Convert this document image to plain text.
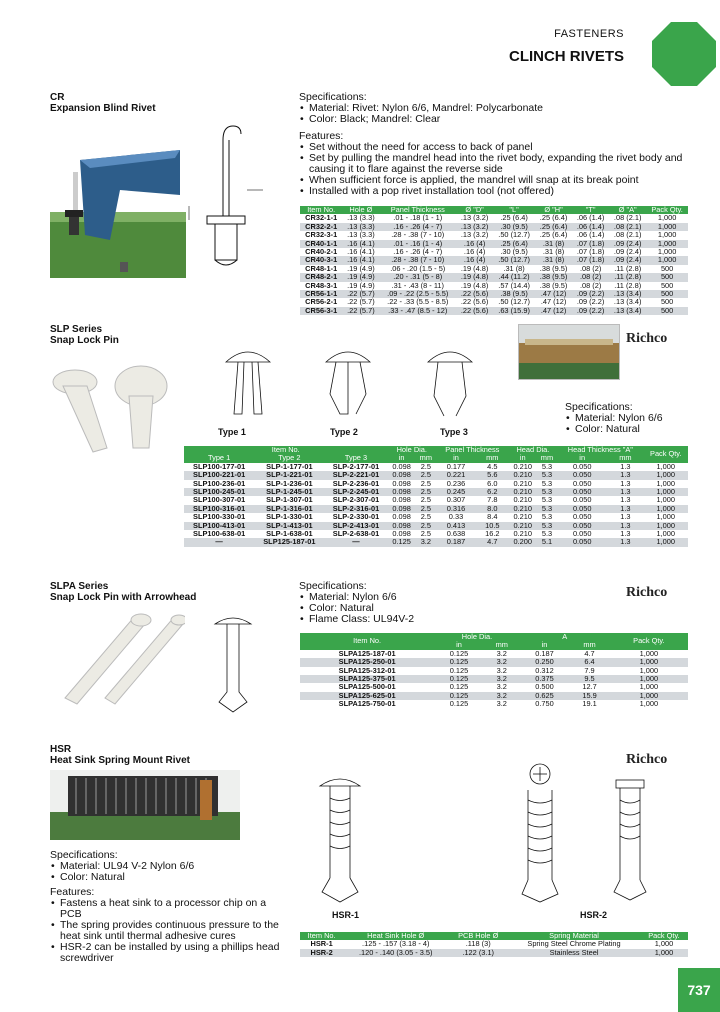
FASTENERS
CLINCH RIVETS
CR
Expansion Blind Rivet
Specifications:
• Material: Rivet: Nylon 6/6, Mandrel: Polycarbonate
• Color: Black; Mandrel: Clear
Features:
• Set without the need for access to back of panel
• Set by pulling the mandrel head into the rivet body, expanding the rivet body and causing it to flare against the reverse side
• When sufficient force is applied, the mandrel will snap at its break point
• Installed with a pop rivet installation tool (not offered)
Item No.	Hole Ø	Panel Thickness	Ø "D"	"L"	Ø "H"	"T"	Ø "A"	Pack Qty.
CR32-1-1	.13 (3.3)	.01 - .18 (1 - 1)	.13 (3.2)	.25 (6.4)	.25 (6.4)	.06 (1.4)	.08 (2.1)	1,000
CR32-2-1	.13 (3.3)	.16 - .26 (4 - 7)	.13 (3.2)	.30 (9.5)	.25 (6.4)	.06 (1.4)	.08 (2.1)	1,000
CR32-3-1	.13 (3.3)	.28 - .38 (7 - 10)	.13 (3.2)	.50 (12.7)	.25 (6.4)	.06 (1.4)	.08 (2.1)	1,000
CR40-1-1	.16 (4.1)	.01 - .16 (1 - 4)	.16 (4)	.25 (6.4)	.31 (8)	.07 (1.8)	.09 (2.4)	1,000
CR40-2-1	.16 (4.1)	.16 - .26 (4 - 7)	.16 (4)	.30 (9.5)	.31 (8)	.07 (1.8)	.09 (2.4)	1,000
CR40-3-1	.16 (4.1)	.28 - .38 (7 - 10)	.16 (4)	.50 (12.7)	.31 (8)	.07 (1.8)	.09 (2.4)	1,000
CR48-1-1	.19 (4.9)	.06 - .20 (1.5 - 5)	.19 (4.8)	.31 (8)	.38 (9.5)	.08 (2)	.11 (2.8)	500
CR48-2-1	.19 (4.9)	.20 - .31 (5 - 8)	.19 (4.8)	.44 (11.2)	.38 (9.5)	.08 (2)	.11 (2.8)	500
CR48-3-1	.19 (4.9)	.31 - .43 (8 - 11)	.19 (4.8)	.57 (14.4)	.38 (9.5)	.08 (2)	.11 (2.8)	500
CR56-1-1	.22 (5.7)	.09 - .22 (2.5 - 5.5)	.22 (5.6)	.38 (9.5)	.47 (12)	.09 (2.2)	.13 (3.4)	500
CR56-2-1	.22 (5.7)	.22 - .33 (5.5 - 8.5)	.22 (5.6)	.50 (12.7)	.47 (12)	.09 (2.2)	.13 (3.4)	500
CR56-3-1	.22 (5.7)	.33 - .47 (8.5 - 12)	.22 (5.6)	.63 (15.9)	.47 (12)	.09 (2.2)	.13 (3.4)	500
SLP Series
Snap Lock Pin
Type 1	Type 2	Type 3
Richco
Specifications:
• Material: Nylon 6/6
• Color: Natural
Item No.			Hole Dia.		Panel Thickness		Head Dia.		Head Thickness "A"		Pack Qty.
Type 1	Type 2	Type 3	in	mm	in	mm	in	mm	in	mm	
SLP100-177-01	SLP-1-177-01	SLP-2-177-01	0.098	2.5	0.177	4.5	0.210	5.3	0.050	1.3	1,000
SLP100-221-01	SLP-1-221-01	SLP-2-221-01	0.098	2.5	0.221	5.6	0.210	5.3	0.050	1.3	1,000
SLP100-236-01	SLP-1-236-01	SLP-2-236-01	0.098	2.5	0.236	6.0	0.210	5.3	0.050	1.3	1,000
SLP100-245-01	SLP-1-245-01	SLP-2-245-01	0.098	2.5	0.245	6.2	0.210	5.3	0.050	1.3	1,000
SLP100-307-01	SLP-1-307-01	SLP-2-307-01	0.098	2.5	0.307	7.8	0.210	5.3	0.050	1.3	1,000
SLP100-316-01	SLP-1-316-01	SLP-2-316-01	0.098	2.5	0.316	8.0	0.210	5.3	0.050	1.3	1,000
SLP100-330-01	SLP-1-330-01	SLP-2-330-01	0.098	2.5	0.33	8.4	0.210	5.3	0.050	1.3	1,000
SLP100-413-01	SLP-1-413-01	SLP-2-413-01	0.098	2.5	0.413	10.5	0.210	5.3	0.050	1.3	1,000
SLP100-638-01	SLP-1-638-01	SLP-2-638-01	0.098	2.5	0.638	16.2	0.210	5.3	0.050	1.3	1,000
—	SLP125-187-01	—	0.125	3.2	0.187	4.7	0.200	5.1	0.050	1.3	1,000
SLPA Series
Snap Lock Pin with Arrowhead	Richco
Specifications:
• Material: Nylon 6/6
• Color: Natural
• Flame Class: UL94V-2
Item No.	Hole Dia.		A		Pack Qty.
	in	mm	in	mm	
SLPA125-187-01	0.125	3.2	0.187	4.7	1,000
SLPA125-250-01	0.125	3.2	0.250	6.4	1,000
SLPA125-312-01	0.125	3.2	0.312	7.9	1,000
SLPA125-375-01	0.125	3.2	0.375	9.5	1,000
SLPA125-500-01	0.125	3.2	0.500	12.7	1,000
SLPA125-625-01	0.125	3.2	0.625	15.9	1,000
SLPA125-750-01	0.125	3.2	0.750	19.1	1,000
HSR
Heat Sink Spring Mount Rivet	Richco
HSR-1	HSR-2
Specifications:
• Material: UL94 V-2 Nylon 6/6
• Color: Natural
Features:
• Fastens a heat sink to a processor chip on a PCB
• The spring provides continuous pressure to the heat sink until thermal adhesive cures
• HSR-2 can be installed by using a phillips head screwdriver
Item No.	Heat Sink Hole Ø	PCB Hole Ø	Spring Material	Pack Qty.
HSR-1	.125 - .157 (3.18 - 4)	.118 (3)	Spring Steel Chrome Plating	1,000
HSR-2	.120 - .140 (3.05 - 3.5)	.122 (3.1)	Stainless Steel	1,000
737
